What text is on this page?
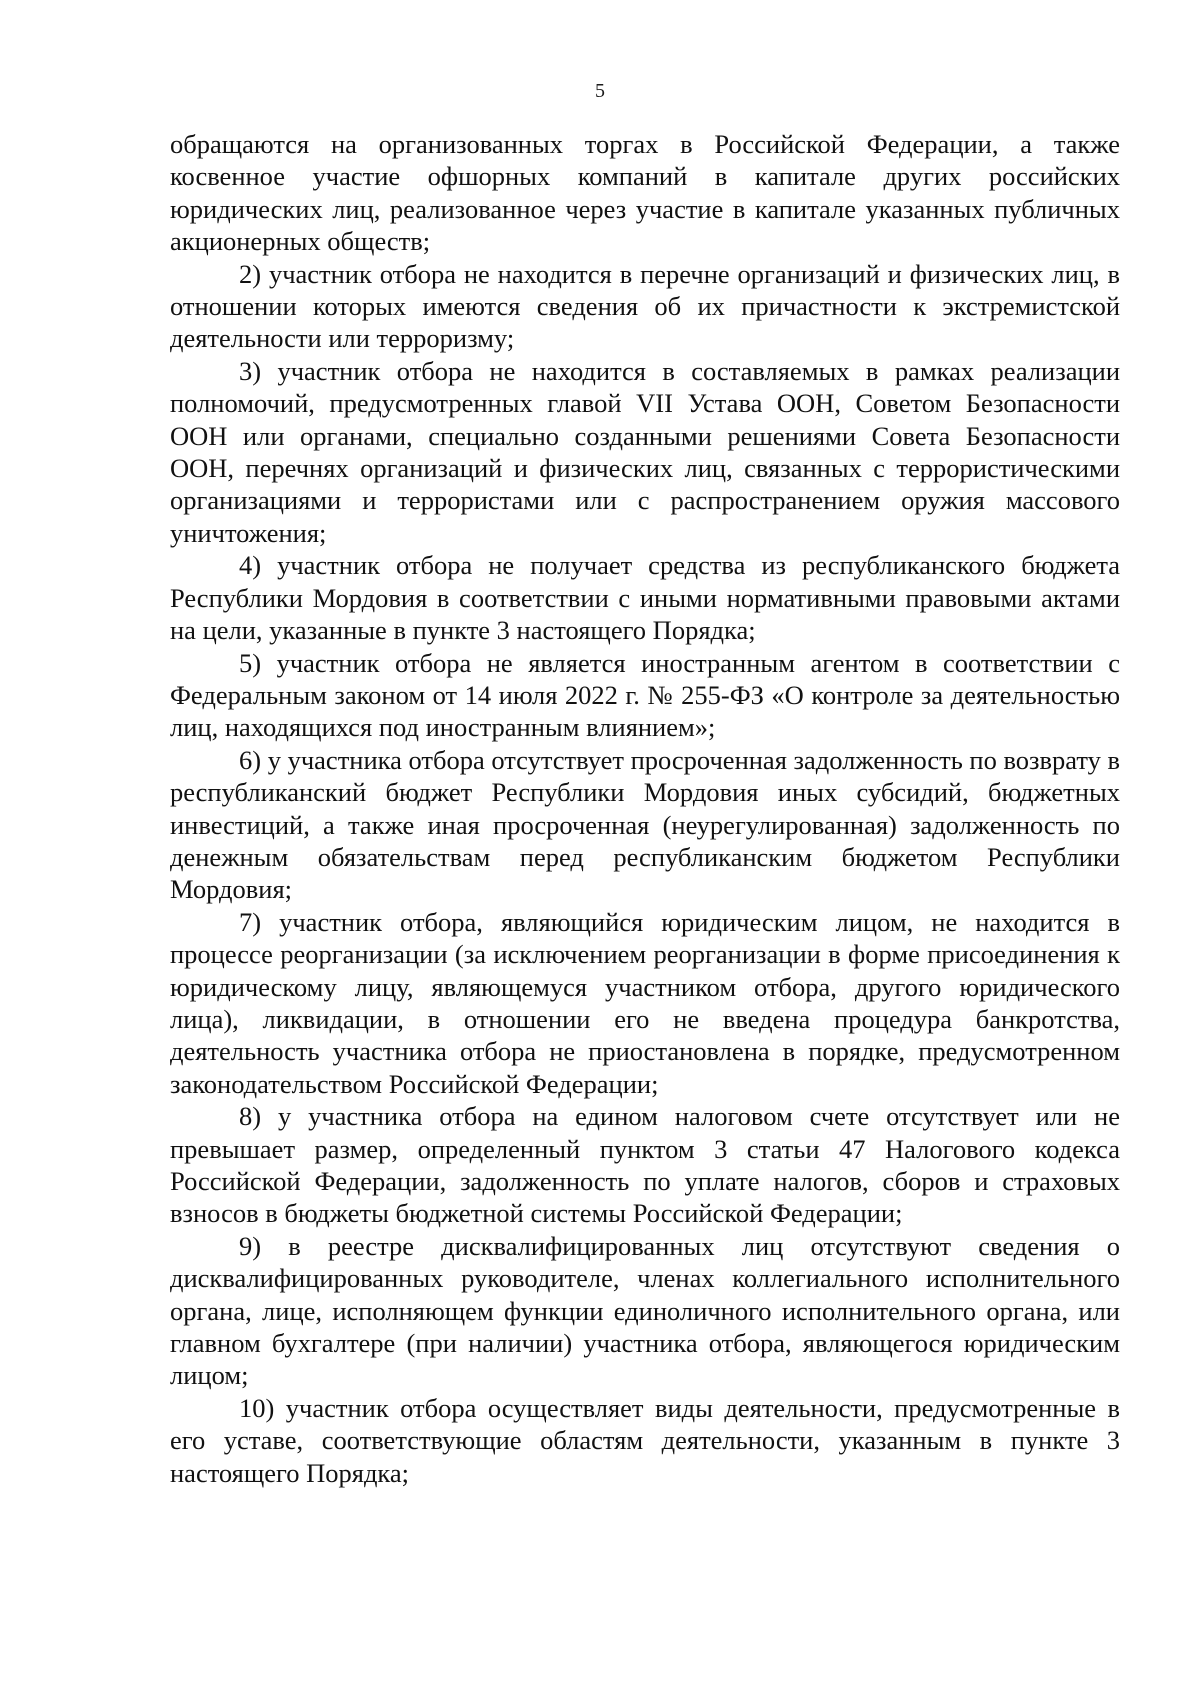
5

обращаются на организованных торгах в Российской Федерации, а также косвенное участие офшорных компаний в капитале других российских юридических лиц, реализованное через участие в капитале указанных публичных акционерных обществ;

2) участник отбора не находится в перечне организаций и физических лиц, в отношении которых имеются сведения об их причастности к экстремистской деятельности или терроризму;

3) участник отбора не находится в составляемых в рамках реализации полномочий, предусмотренных главой VII Устава ООН, Советом Безопасности ООН или органами, специально созданными решениями Совета Безопасности ООН, перечнях организаций и физических лиц, связанных с террористическими организациями и террористами или с распространением оружия массового уничтожения;

4) участник отбора не получает средства из республиканского бюджета Республики Мордовия в соответствии с иными нормативными правовыми актами на цели, указанные в пункте 3 настоящего Порядка;

5) участник отбора не является иностранным агентом в соответствии с Федеральным законом от 14 июля 2022 г. № 255-ФЗ «О контроле за деятельностью лиц, находящихся под иностранным влиянием»;

6) у участника отбора отсутствует просроченная задолженность по возврату в республиканский бюджет Республики Мордовия иных субсидий, бюджетных инвестиций, а также иная просроченная (неурегулированная) задолженность по денежным обязательствам перед республиканским бюджетом Республики Мордовия;

7) участник отбора, являющийся юридическим лицом, не находится в процессе реорганизации (за исключением реорганизации в форме присоединения к юридическому лицу, являющемуся участником отбора, другого юридического лица), ликвидации, в отношении его не введена процедура банкротства, деятельность участника отбора не приостановлена в порядке, предусмотренном законодательством Российской Федерации;

8) у участника отбора на едином налоговом счете отсутствует или не превышает размер, определенный пунктом 3 статьи 47 Налогового кодекса Российской Федерации, задолженность по уплате налогов, сборов и страховых взносов в бюджеты бюджетной системы Российской Федерации;

9) в реестре дисквалифицированных лиц отсутствуют сведения о дисквалифицированных руководителе, членах коллегиального исполнительного органа, лице, исполняющем функции единоличного исполнительного органа, или главном бухгалтере (при наличии) участника отбора, являющегося юридическим лицом;

10) участник отбора осуществляет виды деятельности, предусмотренные в его уставе, соответствующие областям деятельности, указанным в пункте 3 настоящего Порядка;
